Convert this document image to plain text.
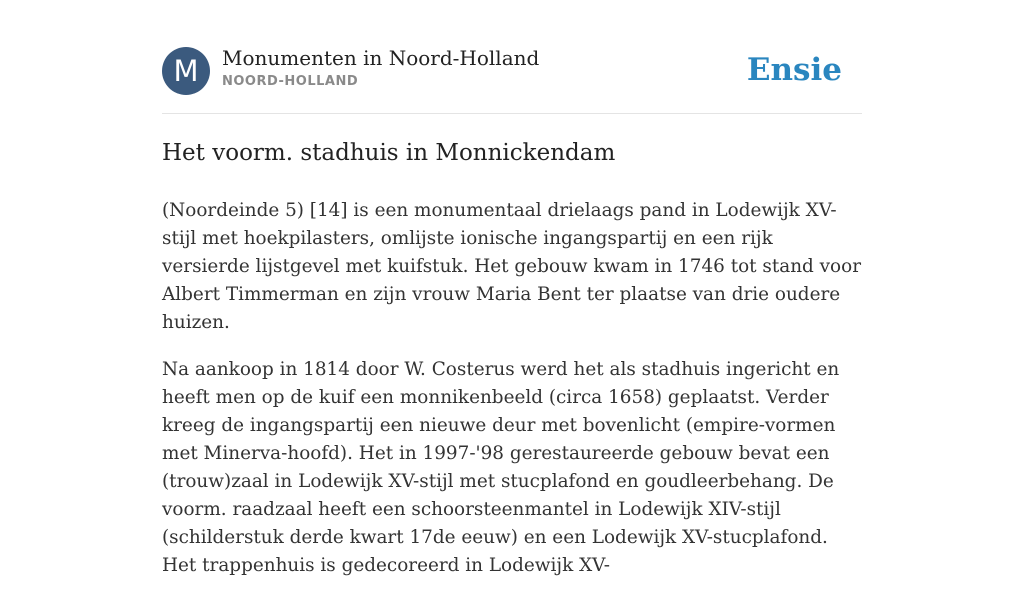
M	Monumenten in Noord-Holland
NOORD-HOLLAND	Ensie
Het voorm. stadhuis in Monnickendam

(Noordeinde 5) [14] is een monumentaal drielaags pand in Lodewijk XV-stijl met hoekpilasters, omlijste ionische ingangspartij en een rijk versierde lijstgevel met kuifstuk. Het gebouw kwam in 1746 tot stand voor Albert Timmerman en zijn vrouw Maria Bent ter plaatse van drie oudere huizen.

Na aankoop in 1814 door W. Costerus werd het als stadhuis ingericht en heeft men op de kuif een monnikenbeeld (circa 1658) geplaatst. Verder kreeg de ingangspartij een nieuwe deur met bovenlicht (empire-vormen met Minerva-hoofd). Het in 1997-'98 gerestaureerde gebouw bevat een (trouw)zaal in Lodewijk XV-stijl met stucplafond en goudleerbehang. De voorm. raadzaal heeft een schoorsteenmantel in Lodewijk XIV-stijl (schilderstuk derde kwart 17de eeuw) en een Lodewijk XV-stucplafond. Het trappenhuis is gedecoreerd in Lodewijk XV-
